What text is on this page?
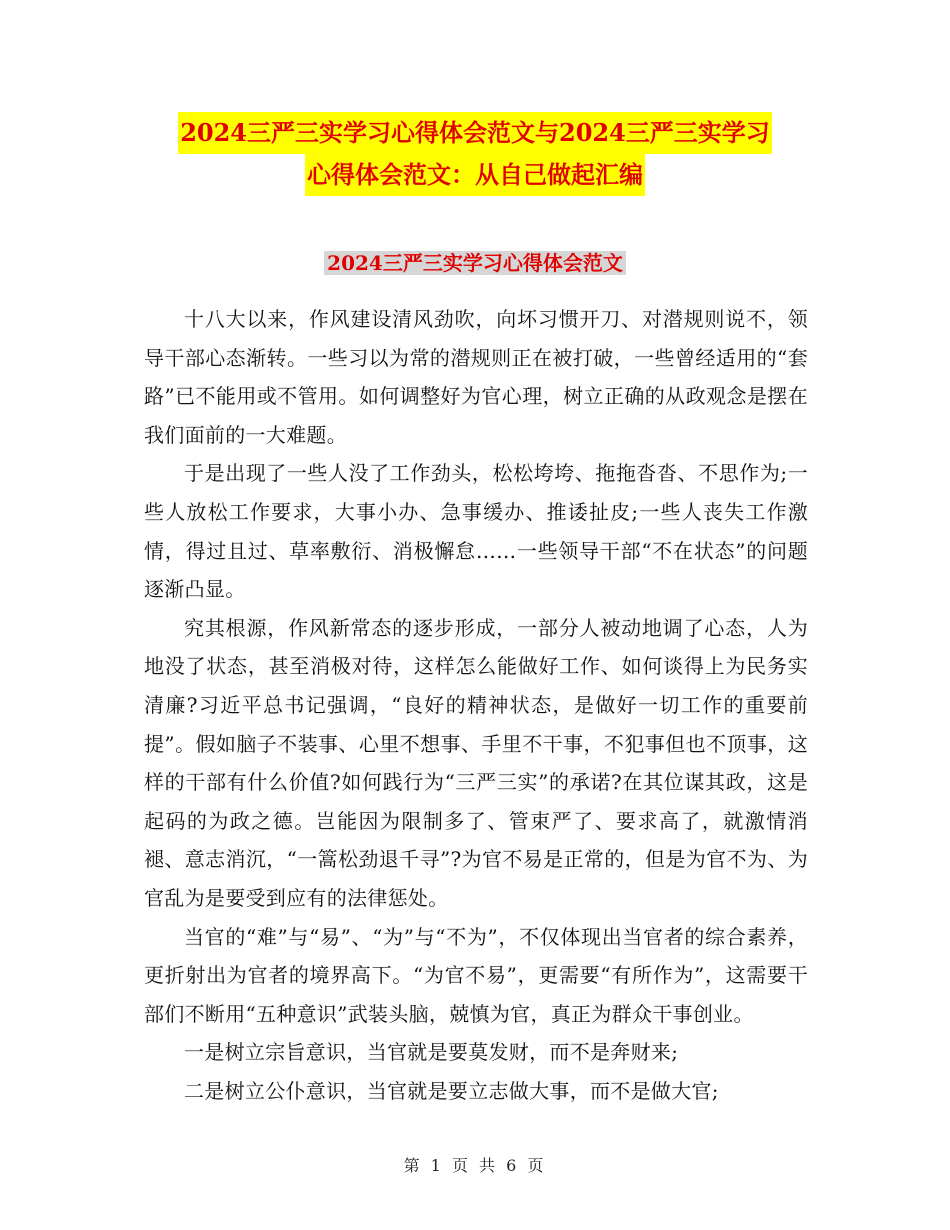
2024三严三实学习心得体会范文与2024三严三实学习
心得体会范文：从自己做起汇编
2024三严三实学习心得体会范文

十八大以来，作风建设清风劲吹，向坏习惯开刀、对潜规则说不，领导干部心态渐转。一些习以为常的潜规则正在被打破，一些曾经适用的“套路”已不能用或不管用。如何调整好为官心理，树立正确的从政观念是摆在我们面前的一大难题。

于是出现了一些人没了工作劲头，松松垮垮、拖拖沓沓、不思作为;一些人放松工作要求，大事小办、急事缓办、推诿扯皮;一些人丧失工作激情，得过且过、草率敷衍、消极懈怠……一些领导干部“不在状态”的问题逐渐凸显。

究其根源，作风新常态的逐步形成，一部分人被动地调了心态，人为地没了状态，甚至消极对待，这样怎么能做好工作、如何谈得上为民务实清廉?习近平总书记强调，“良好的精神状态，是做好一切工作的重要前提”。假如脑子不装事、心里不想事、手里不干事，不犯事但也不顶事，这样的干部有什么价值?如何践行为“三严三实”的承诺?在其位谋其政，这是起码的为政之德。岂能因为限制多了、管束严了、要求高了，就激情消褪、意志消沉，“一篙松劲退千寻”?为官不易是正常的，但是为官不为、为官乱为是要受到应有的法律惩处。

当官的“难”与“易”、“为”与“不为”，不仅体现出当官者的综合素养，更折射出为官者的境界高下。“为官不易”，更需要“有所作为”，这需要干部们不断用“五种意识”武装头脑，兢慎为官，真正为群众干事创业。

一是树立宗旨意识，当官就是要莫发财，而不是奔财来;

二是树立公仆意识，当官就是要立志做大事，而不是做大官;

第 1 页 共 6 页
